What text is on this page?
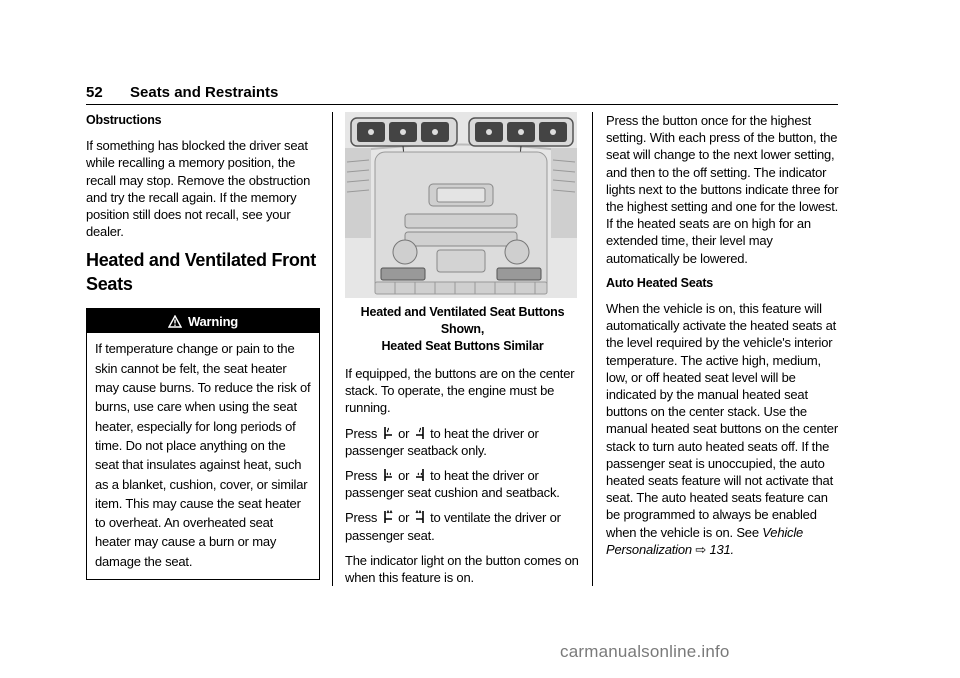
52 Seats and Restraints
Obstructions

If something has blocked the driver seat while recalling a memory position, the recall may stop. Remove the obstruction and try the recall again. If the memory position still does not recall, see your dealer.

Heated and Ventilated Front Seats
Warning
If temperature change or pain to the skin cannot be felt, the seat heater may cause burns. To reduce the risk of burns, use care when using the seat heater, especially for long periods of time. Do not place anything on the seat that insulates against heat, such as a blanket, cushion, cover, or similar item. This may cause the seat heater to overheat. An overheated seat heater may cause a burn or may damage the seat.
Heated and Ventilated Seat Buttons Shown,
Heated Seat Buttons Similar

If equipped, the buttons are on the center stack. To operate, the engine must be running.

Press or to heat the driver or passenger seatback only.

Press or to heat the driver or passenger seat cushion and seatback.

Press or to ventilate the driver or passenger seat.

The indicator light on the button comes on when this feature is on.

Press the button once for the highest setting. With each press of the button, the seat will change to the next lower setting, and then to the off setting. The indicator lights next to the buttons indicate three for the highest setting and one for the lowest. If the heated seats are on high for an extended time, their level may automatically be lowered.

Auto Heated Seats

When the vehicle is on, this feature will automatically activate the heated seats at the level required by the vehicle's interior temperature. The active high, medium, low, or off heated seat level will be indicated by the manual heated seat buttons on the center stack. Use the manual heated seat buttons on the center stack to turn auto heated seats off. If the passenger seat is unoccupied, the auto heated seats feature will not activate that seat. The auto heated seats feature can be programmed to always be enabled when the vehicle is on. See Vehicle Personalization ⇨ 131.

carmanualsonline.info
